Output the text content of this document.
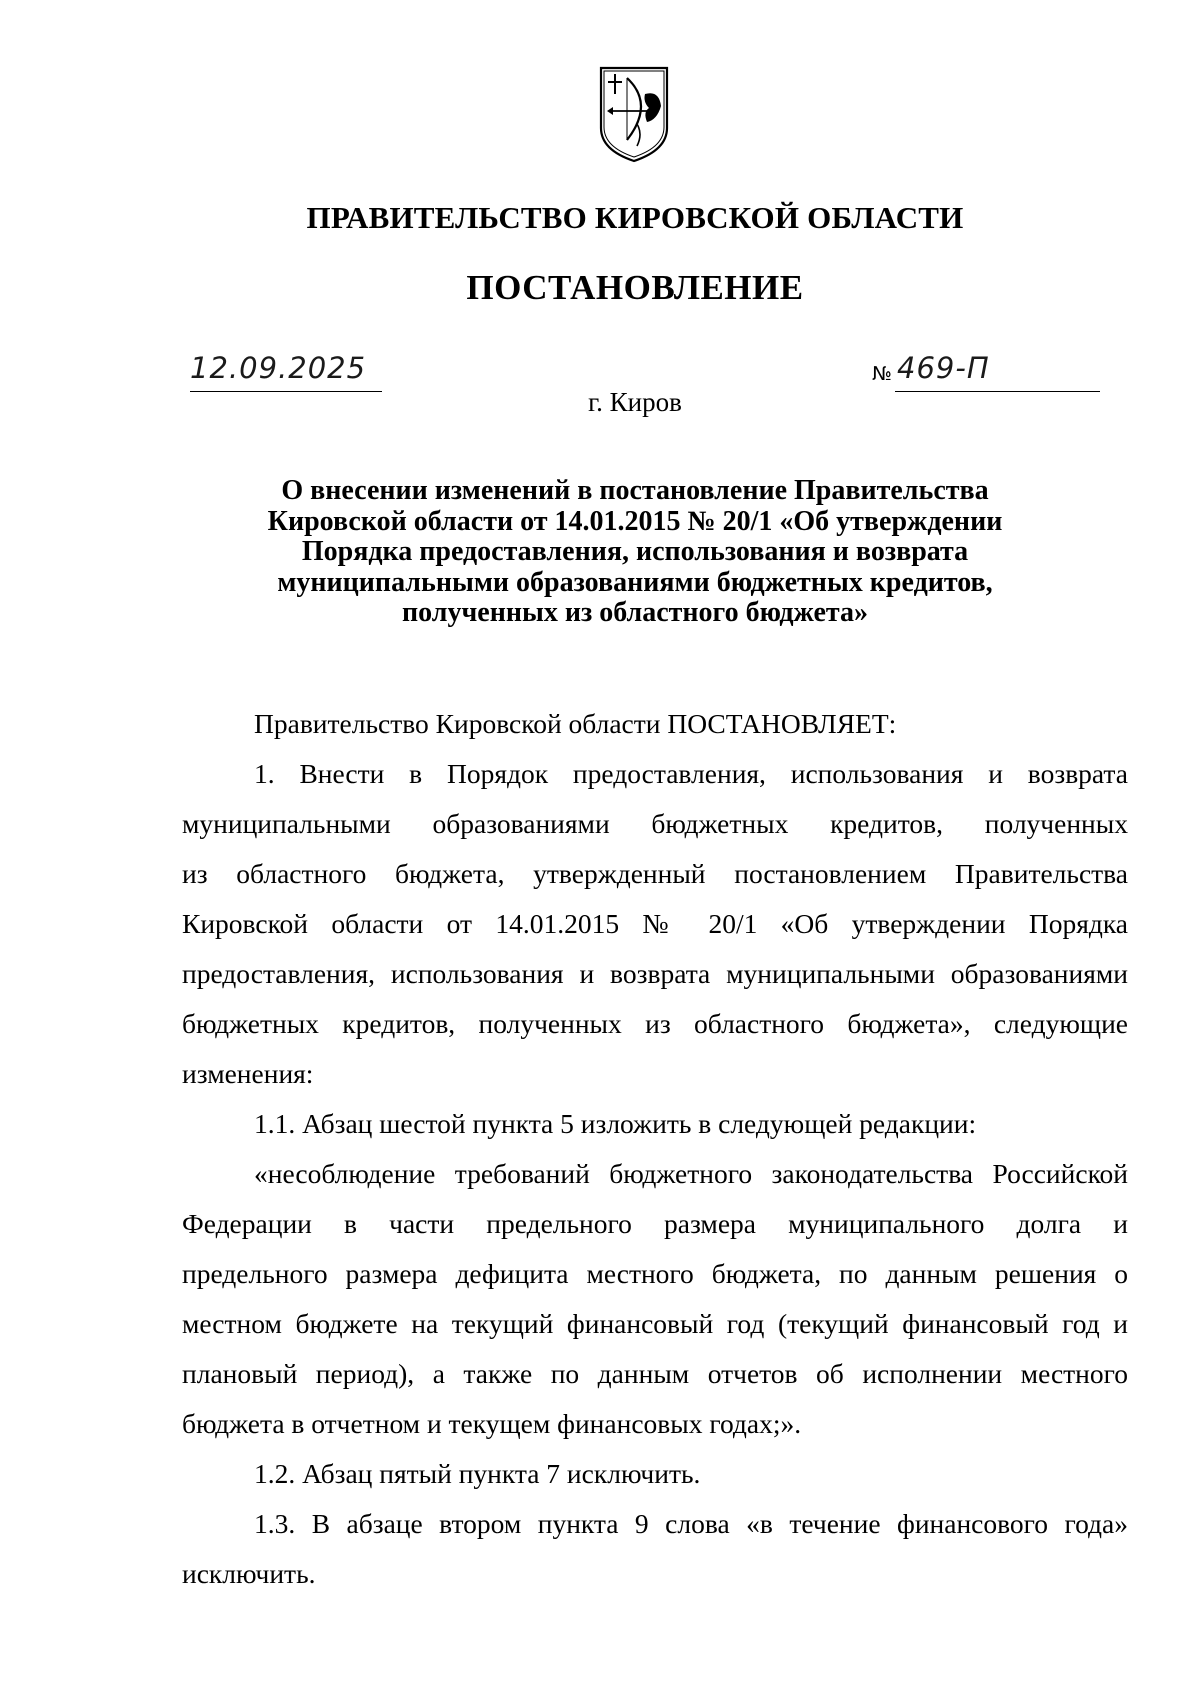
ПРАВИТЕЛЬСТВО КИРОВСКОЙ ОБЛАСТИ
ПОСТАНОВЛЕНИЕ
12.09.2025	№ 469-П
г. Киров
О внесении изменений в постановление Правительства
Кировской области от 14.01.2015 № 20/1 «Об утверждении
Порядка предоставления, использования и возврата
муниципальными образованиями бюджетных кредитов,
полученных из областного бюджета»
Правительство Кировской области ПОСТАНОВЛЯЕТ:
1. Внести в Порядок предоставления, использования и возврата
муниципальными образованиями бюджетных кредитов, полученных
из областного бюджета, утвержденный постановлением Правительства
Кировской области от 14.01.2015 № 20/1 «Об утверждении Порядка
предоставления, использования и возврата муниципальными образованиями
бюджетных кредитов, полученных из областного бюджета», следующие
изменения:
1.1. Абзац шестой пункта 5 изложить в следующей редакции:
«несоблюдение требований бюджетного законодательства Российской
Федерации в части предельного размера муниципального долга и
предельного размера дефицита местного бюджета, по данным решения о
местном бюджете на текущий финансовый год (текущий финансовый год и
плановый период), а также по данным отчетов об исполнении местного
бюджета в отчетном и текущем финансовых годах;».
1.2. Абзац пятый пункта 7 исключить.
1.3. В абзаце втором пункта 9 слова «в течение финансового года»
исключить.
